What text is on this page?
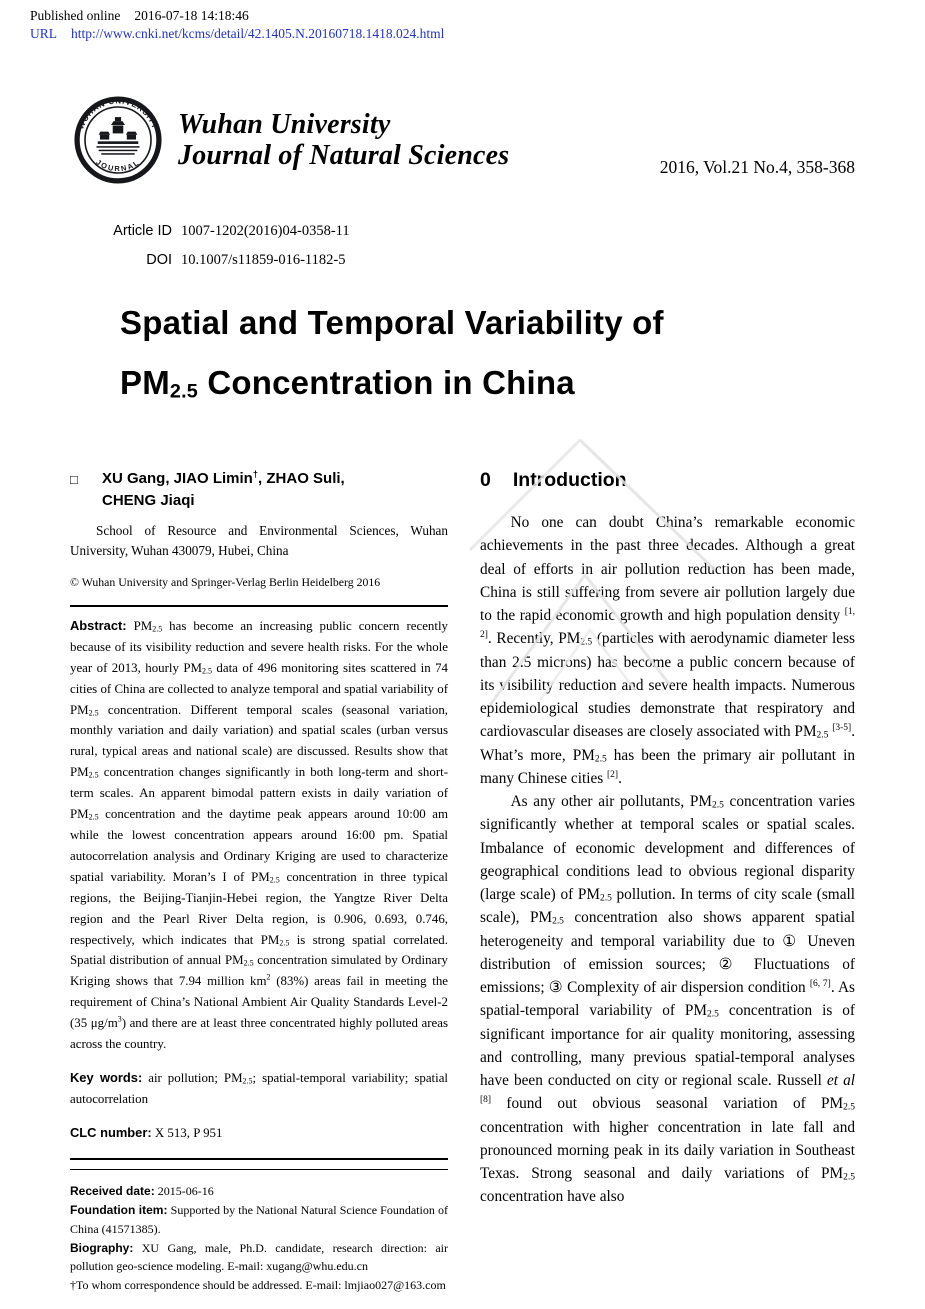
Published online 2016-07-18 14:18:46
URL http://www.cnki.net/kcms/detail/42.1405.N.20160718.1418.024.html
WUHAN UNIVERSITY
JOURNAL
Wuhan University
Journal of Natural Sciences	2016, Vol.21 No.4, 358-368
Article ID 1007-1202(2016)04-0358-11
DOI 10.1007/s11859-016-1182-5
Spatial and Temporal Variability of
$PM_{2.5}$ Concentration in China
□	XU Gang, JIAO Limin†, ZHAO Suli,
CHENG Jiaqi
School of Resource and Environmental Sciences, Wuhan University, Wuhan 430079, Hubei, China
© Wuhan University and Springer-Verlag Berlin Heidelberg 2016

Abstract: $PM_{2.5}$ has become an increasing public concern recently because of its visibility reduction and severe health risks. For the whole year of 2013, hourly $PM_{2.5}$ data of 496 monitoring sites scattered in 74 cities of China are collected to analyze temporal and spatial variability of $PM_{2.5}$ concentration. Different temporal scales (seasonal variation, monthly variation and daily variation) and spatial scales (urban versus rural, typical areas and national scale) are discussed. Results show that $PM_{2.5}$ concentration changes significantly in both long-term and short-term scales. An apparent bimodal pattern exists in daily variation of $PM_{2.5}$ concentration and the daytime peak appears around 10:00 am while the lowest concentration appears around 16:00 pm. Spatial autocorrelation analysis and Ordinary Kriging are used to characterize spatial variability. Moran’s I of $PM_{2.5}$ concentration in three typical regions, the Beijing-Tianjin-Hebei region, the Yangtze River Delta region and the Pearl River Delta region, is 0.906, 0.693, 0.746, respectively, which indicates that $PM_{2.5}$ is strong spatial correlated. Spatial distribution of annual $PM_{2.5}$ concentration simulated by Ordinary Kriging shows that 7.94 million $km^2$ (83%) areas fail in meeting the requirement of China’s National Ambient Air Quality Standards Level-2 (35 $\mu g/m^3$) and there are at least three concentrated highly polluted areas across the country.

Key words: air pollution; $PM_{2.5}$; spatial-temporal variability; spatial autocorrelation

CLC number: X 513, P 951

Received date: 2015-06-16

Foundation item: Supported by the National Natural Science Foundation of China (41571385).

Biography: XU Gang, male, Ph.D. candidate, research direction: air pollution geo-science modeling. E-mail: xugang@whu.edu.cn

†To whom correspondence should be addressed. E-mail: lmjiao027@163.com

0 Introduction

No one can doubt China’s remarkable economic achievements in the past three decades. Although a great deal of efforts in air pollution reduction has been made, China is still suffering from severe air pollution largely due to the rapid economic growth and high population density [1, 2]. Recently, $PM_{2.5}$ (particles with aerodynamic diameter less than 2.5 microns) has become a public concern because of its visibility reduction and severe health impacts. Numerous epidemiological studies demonstrate that respiratory and cardiovascular diseases are closely associated with $PM_{2.5}$ [3-5]. What’s more, $PM_{2.5}$ has been the primary air pollutant in many Chinese cities [2].

As any other air pollutants, $PM_{2.5}$ concentration varies significantly whether at temporal scales or spatial scales. Imbalance of economic development and differences of geographical conditions lead to obvious regional disparity (large scale) of $PM_{2.5}$ pollution. In terms of city scale (small scale), $PM_{2.5}$ concentration also shows apparent spatial heterogeneity and temporal variability due to ① Uneven distribution of emission sources; ② Fluctuations of emissions; ③ Complexity of air dispersion condition [6, 7]. As spatial-temporal variability of $PM_{2.5}$ concentration is of significant importance for air quality monitoring, assessing and controlling, many previous spatial-temporal analyses have been conducted on city or regional scale. Russell et al [8] found out obvious seasonal variation of $PM_{2.5}$ concentration with higher concentration in late fall and pronounced morning peak in its daily variation in Southeast Texas. Strong seasonal and daily variations of $PM_{2.5}$ concentration have also
